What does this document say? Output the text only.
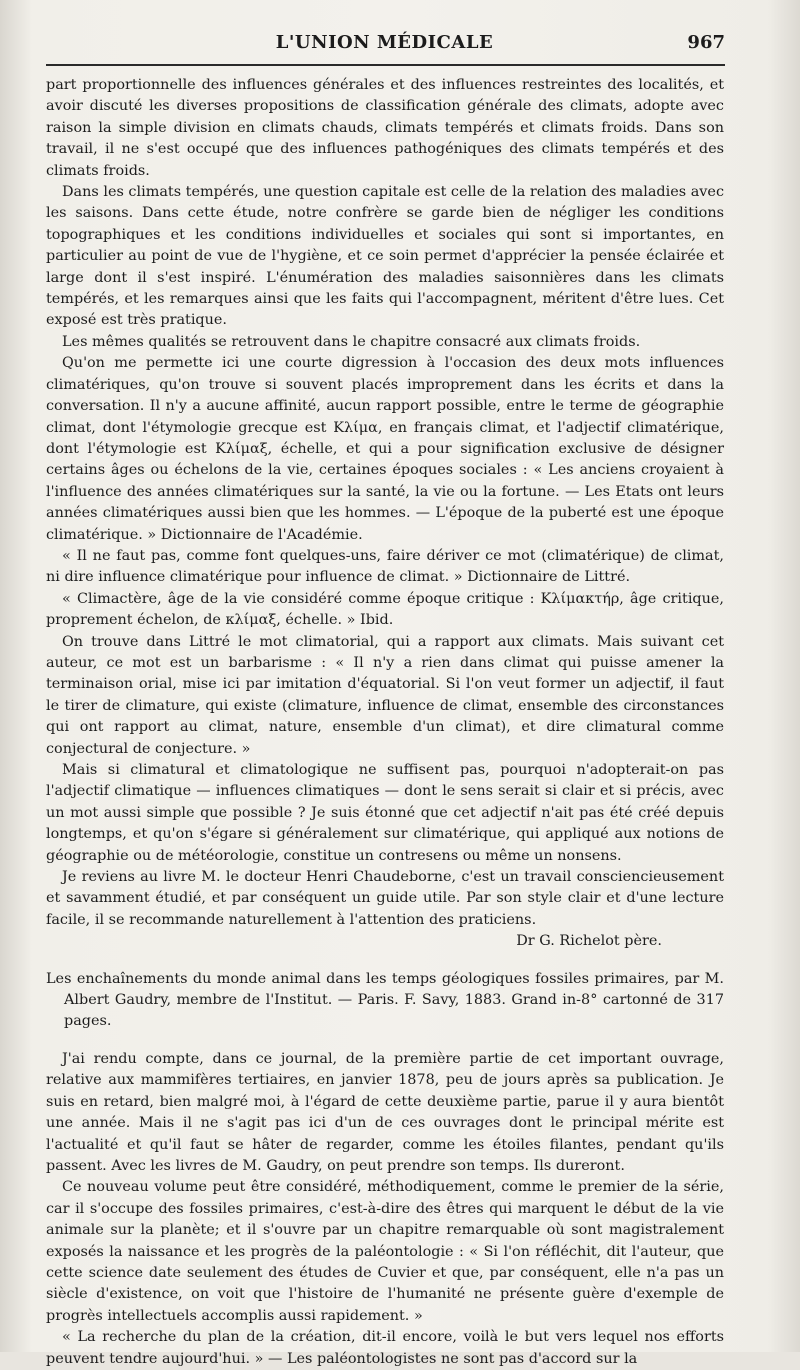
L'UNION MÉDICALE	967

part proportionnelle des influences générales et des influences restreintes des localités, et avoir discuté les diverses propositions de classification générale des climats, adopte avec raison la simple division en climats chauds, climats tempérés et climats froids. Dans son travail, il ne s'est occupé que des influences pathogéniques des climats tempérés et des climats froids.

Dans les climats tempérés, une question capitale est celle de la relation des maladies avec les saisons. Dans cette étude, notre confrère se garde bien de négliger les conditions topographiques et les conditions individuelles et sociales qui sont si importantes, en particulier au point de vue de l'hygiène, et ce soin permet d'apprécier la pensée éclairée et large dont il s'est inspiré. L'énumération des maladies saisonnières dans les climats tempérés, et les remarques ainsi que les faits qui l'accompagnent, méritent d'être lues. Cet exposé est très pratique.

Les mêmes qualités se retrouvent dans le chapitre consacré aux climats froids.

Qu'on me permette ici une courte digression à l'occasion des deux mots influences climatériques, qu'on trouve si souvent placés improprement dans les écrits et dans la conversation. Il n'y a aucune affinité, aucun rapport possible, entre le terme de géographie climat, dont l'étymologie grecque est Κλίμα, en français climat, et l'adjectif climatérique, dont l'étymologie est Κλίμαξ, échelle, et qui a pour signification exclusive de désigner certains âges ou échelons de la vie, certaines époques sociales : « Les anciens croyaient à l'influence des années climatériques sur la santé, la vie ou la fortune. — Les Etats ont leurs années climatériques aussi bien que les hommes. — L'époque de la puberté est une époque climatérique. » Dictionnaire de l'Académie.

« Il ne faut pas, comme font quelques-uns, faire dériver ce mot (climatérique) de climat, ni dire influence climatérique pour influence de climat. » Dictionnaire de Littré.

« Climactère, âge de la vie considéré comme époque critique : Κλίμακτήρ, âge critique, proprement échelon, de κλίμαξ, échelle. » Ibid.

On trouve dans Littré le mot climatorial, qui a rapport aux climats. Mais suivant cet auteur, ce mot est un barbarisme : « Il n'y a rien dans climat qui puisse amener la terminaison orial, mise ici par imitation d'équatorial. Si l'on veut former un adjectif, il faut le tirer de climature, qui existe (climature, influence de climat, ensemble des circonstances qui ont rapport au climat, nature, ensemble d'un climat), et dire climatural comme conjectural de conjecture. »

Mais si climatural et climatologique ne suffisent pas, pourquoi n'adopterait-on pas l'adjectif climatique — influences climatiques — dont le sens serait si clair et si précis, avec un mot aussi simple que possible ? Je suis étonné que cet adjectif n'ait pas été créé depuis longtemps, et qu'on s'égare si généralement sur climatérique, qui appliqué aux notions de géographie ou de météorologie, constitue un contresens ou même un nonsens.

Je reviens au livre M. le docteur Henri Chaudeborne, c'est un travail consciencieusement et savamment étudié, et par conséquent un guide utile. Par son style clair et d'une lecture facile, il se recommande naturellement à l'attention des praticiens.

Dr G. Richelot père.

Les enchaînements du monde animal dans les temps géologiques fossiles primaires, par M. Albert Gaudry, membre de l'Institut. — Paris. F. Savy, 1883. Grand in-8° cartonné de 317 pages.

J'ai rendu compte, dans ce journal, de la première partie de cet important ouvrage, relative aux mammifères tertiaires, en janvier 1878, peu de jours après sa publication. Je suis en retard, bien malgré moi, à l'égard de cette deuxième partie, parue il y aura bientôt une année. Mais il ne s'agit pas ici d'un de ces ouvrages dont le principal mérite est l'actualité et qu'il faut se hâter de regarder, comme les étoiles filantes, pendant qu'ils passent. Avec les livres de M. Gaudry, on peut prendre son temps. Ils dureront.

Ce nouveau volume peut être considéré, méthodiquement, comme le premier de la série, car il s'occupe des fossiles primaires, c'est-à-dire des êtres qui marquent le début de la vie animale sur la planète; et il s'ouvre par un chapitre remarquable où sont magistralement exposés la naissance et les progrès de la paléontologie : « Si l'on réfléchit, dit l'auteur, que cette science date seulement des études de Cuvier et que, par conséquent, elle n'a pas un siècle d'existence, on voit que l'histoire de l'humanité ne présente guère d'exemple de progrès intellectuels accomplis aussi rapidement. »

« La recherche du plan de la création, dit-il encore, voilà le but vers lequel nos efforts peuvent tendre aujourd'hui. » — Les paléontologistes ne sont pas d'accord sur la
